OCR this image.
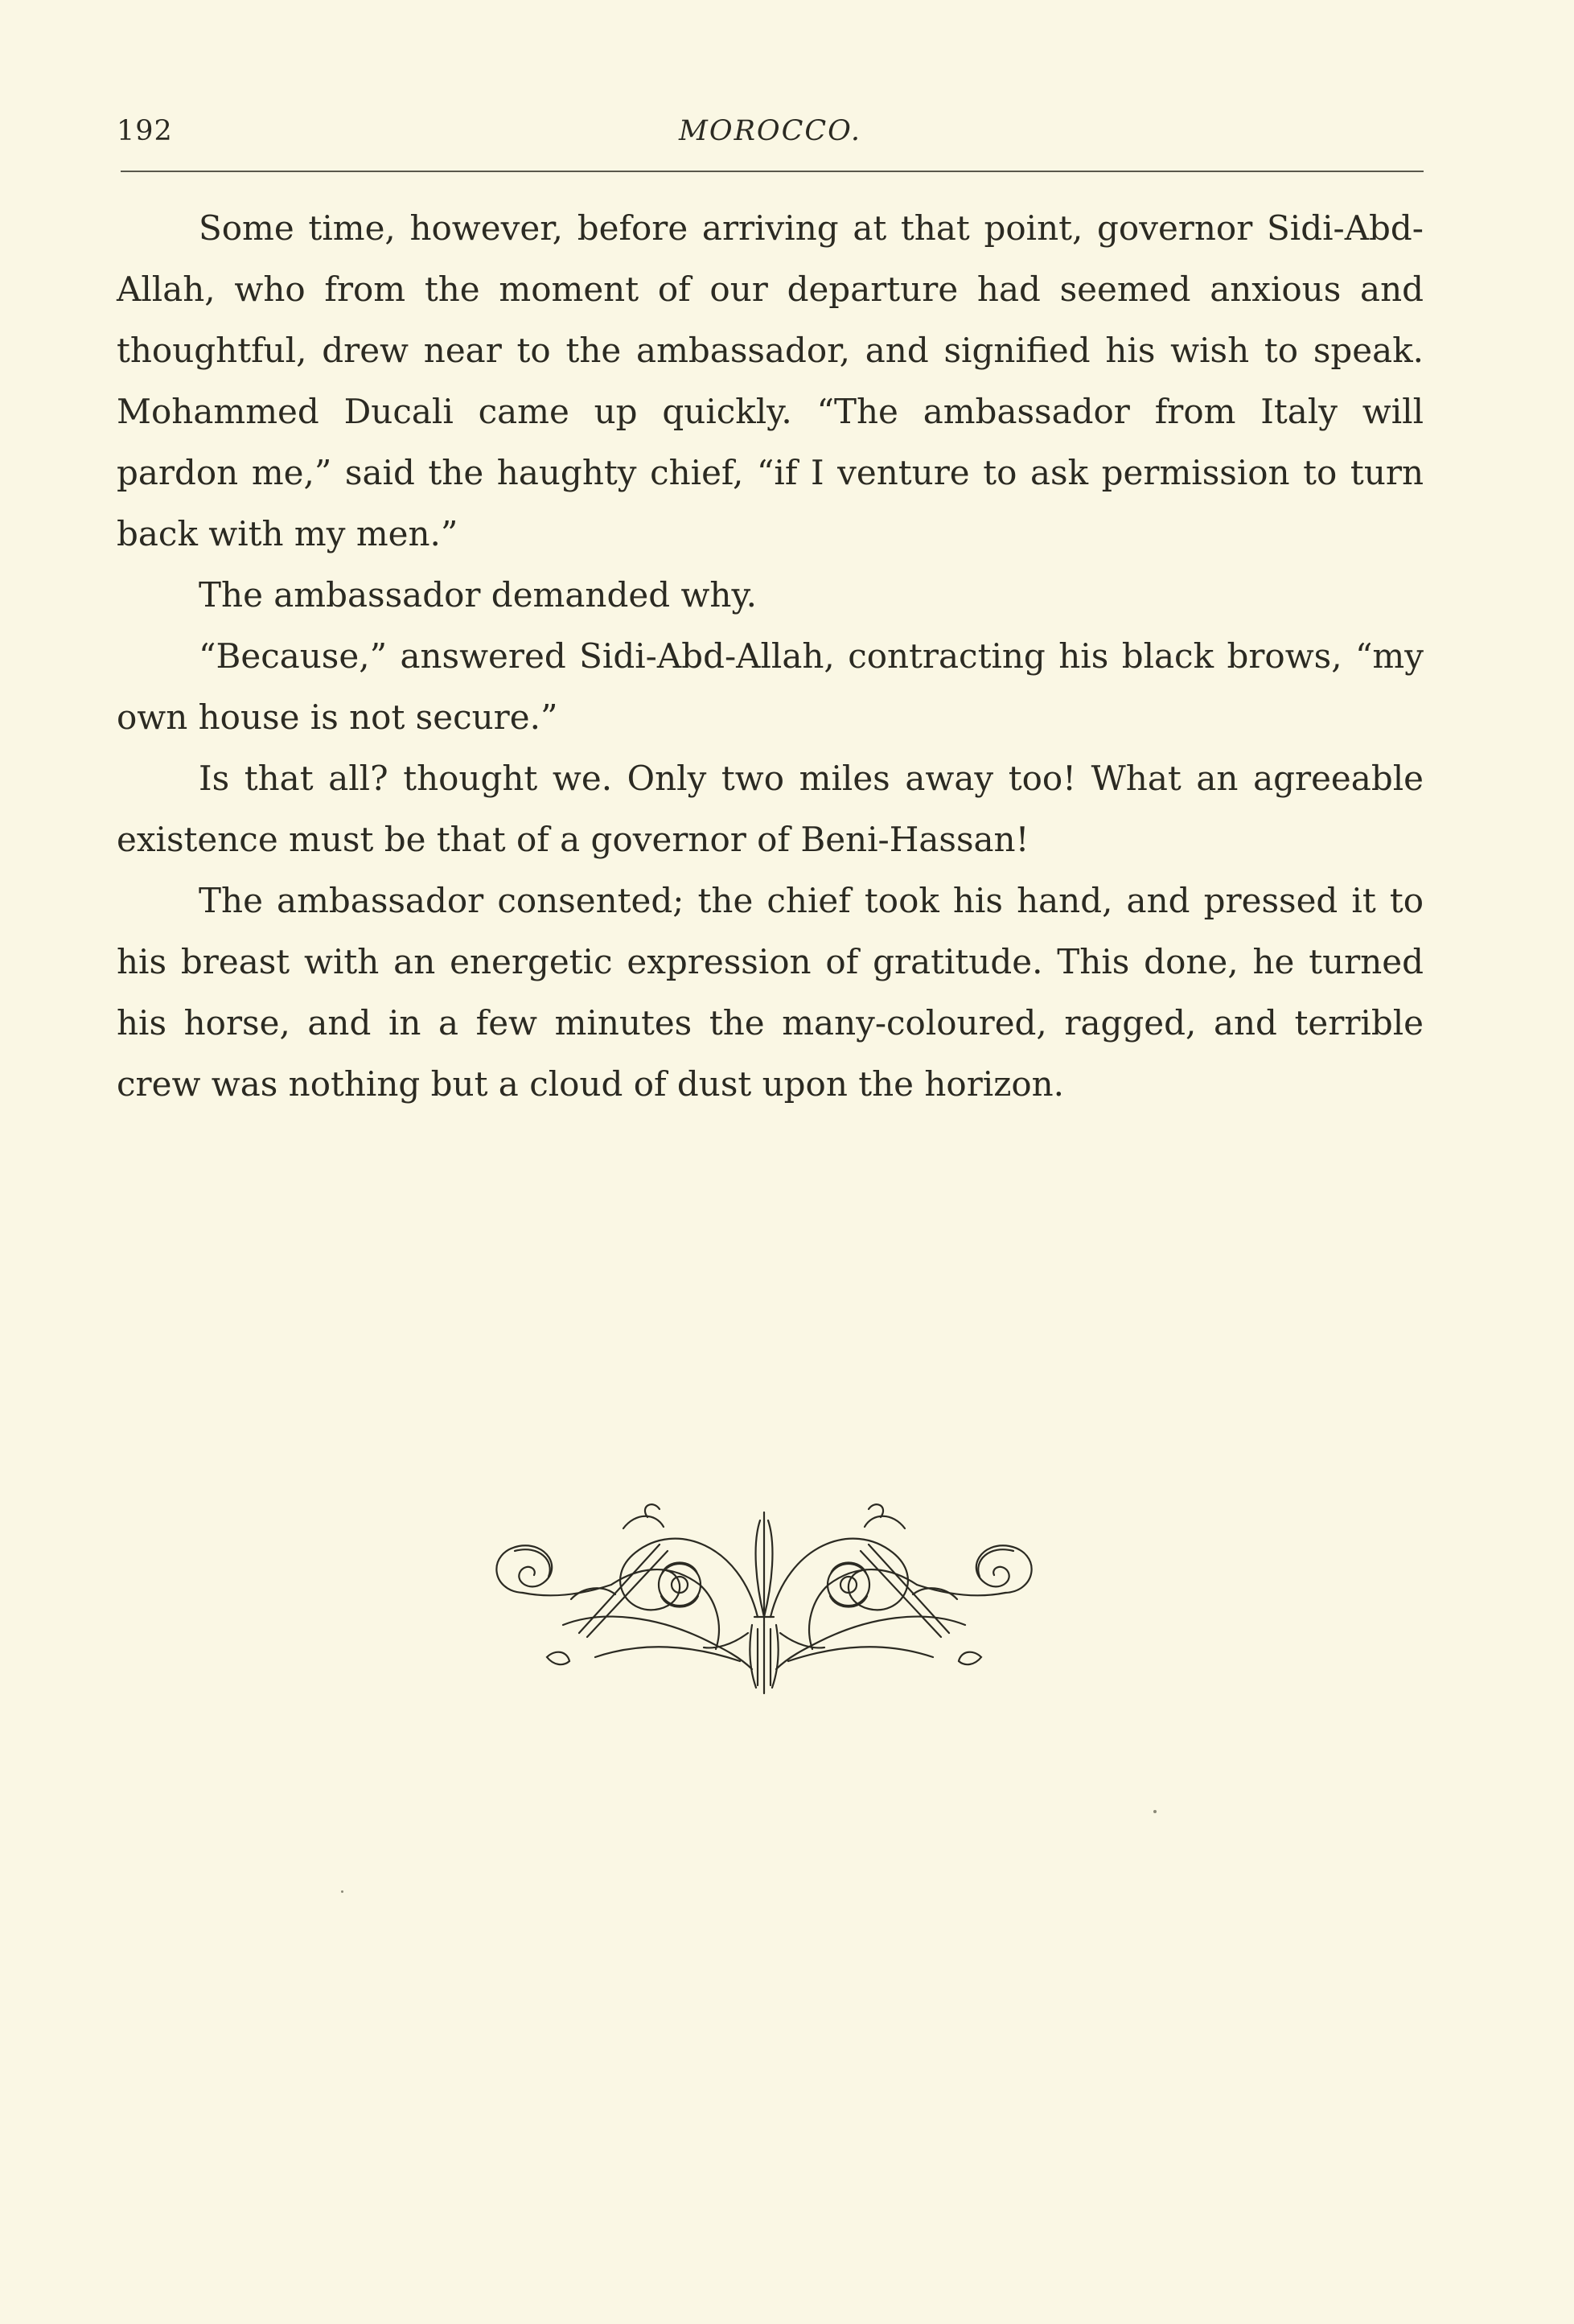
192	MOROCCO.

Some time, however, before arriving at that point, governor Sidi-Abd-Allah, who from the moment of our departure had seemed anxious and thoughtful, drew near to the ambassador, and signified his wish to speak. Mohammed Ducali came up quickly. “The ambassador from Italy will pardon me,” said the haughty chief, “if I venture to ask permission to turn back with my men.”

The ambassador demanded why.

“Because,” answered Sidi-Abd-Allah, contracting his black brows, “my own house is not secure.”

Is that all? thought we. Only two miles away too! What an agreeable existence must be that of a governor of Beni-Hassan!

The ambassador consented; the chief took his hand, and pressed it to his breast with an energetic expression of gratitude. This done, he turned his horse, and in a few minutes the many-coloured, ragged, and terrible crew was nothing but a cloud of dust upon the horizon.
